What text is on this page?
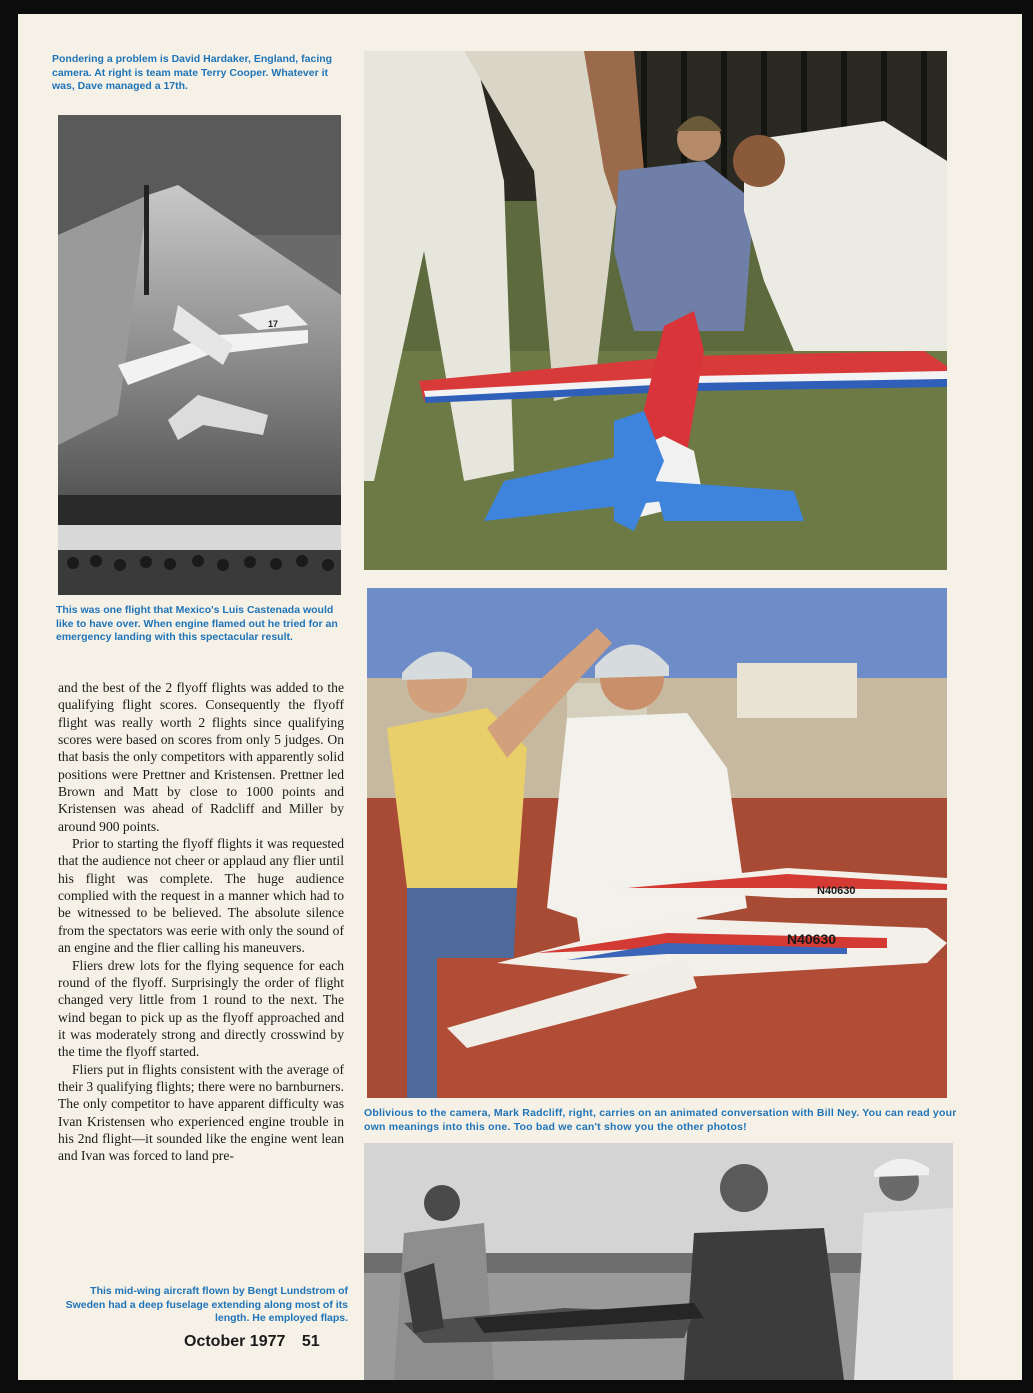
Pondering a problem is David Hardaker, England, facing camera. At right is team mate Terry Cooper. Whatever it was, Dave managed a 17th.

17

This was one flight that Mexico's Luis Castenada would like to have over. When engine flamed out he tried for an emergency landing with this spectacular result.

and the best of the 2 flyoff flights was added to the qualifying flight scores. Consequently the flyoff flight was really worth 2 flights since qualifying scores were based on scores from only 5 judges. On that basis the only competitors with apparently solid positions were Prettner and Kristensen. Prettner led Brown and Matt by close to 1000 points and Kristensen was ahead of Radcliff and Miller by around 900 points.

Prior to starting the flyoff flights it was requested that the audience not cheer or applaud any flier until his flight was complete. The huge audience complied with the request in a manner which had to be witnessed to be believed. The absolute silence from the spectators was eerie with only the sound of an engine and the flier calling his maneuvers.

Fliers drew lots for the flying sequence for each round of the flyoff. Surprisingly the order of flight changed very little from 1 round to the next. The wind began to pick up as the flyoff approached and it was moderately strong and directly crosswind by the time the flyoff started.

Fliers put in flights consistent with the average of their 3 qualifying flights; there were no barnburners. The only competitor to have apparent difficulty was Ivan Kristensen who experienced engine trouble in his 2nd flight—it sounded like the engine went lean and Ivan was forced to land pre-

This mid-wing aircraft flown by Bengt Lundstrom of Sweden had a deep fuselage extending along most of its length. He employed flaps.

N40630
N40630

Oblivious to the camera, Mark Radcliff, right, carries on an animated conversation with Bill Ney. You can read your own meanings into this one. Too bad we can't show you the other photos!

October 1977 51
